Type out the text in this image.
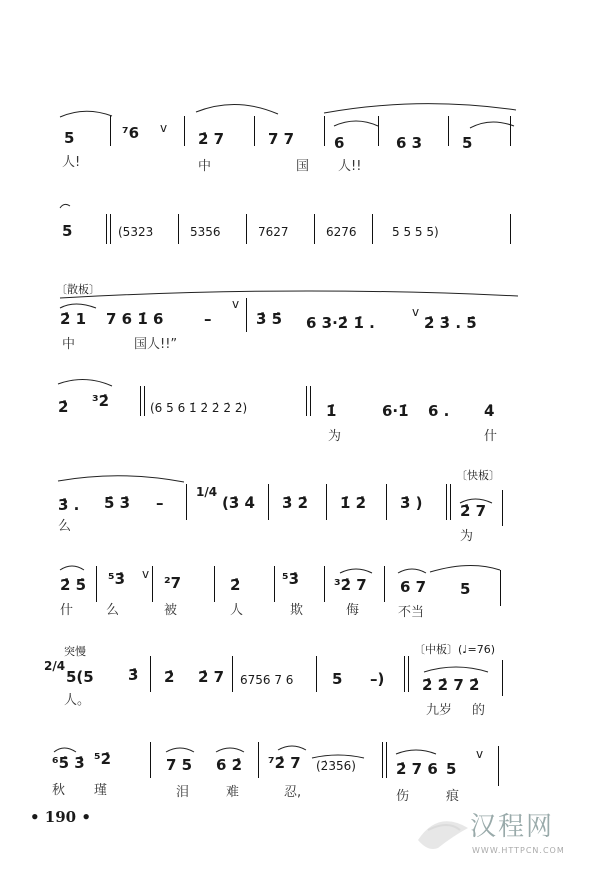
5	⁷6 v
2̇ 7	7 7	6	6 3	5
人!	中	国 人!!
5	(5323	5356	7627	6276	5 5 5 5)
〔散板〕
2̇ 1 7 6 1̇ 6	–
v
3̇ 5̇ 6 3·2̇ 1̇ .
v
2̇ 3̇ . 5̇
中	国人!!”
2̇ ³2̇	(6 5 6 1̇ 2̇ 2̇ 2̇ 2̇)	1̇	6·1̇ 6 . 4̇
为	什
3̇ . 5̇ 3̇ –
1/4
(3̇ 4̇ 3̇ 2̇ 1̇ 2̇ 3̇ )
〔快板〕
2̇ 7
么
为
2̇ 5̇ ⁵3̇ v ²7	2̇	⁵3̇ ³2̇ 7 6 7 5
什	么	被	人	欺	侮	不当
突慢
2/4
〔中板〕(♩=76)
5(5 3̇ 2̇ 2̇ 7 6756 7 6	5 –)	2̇ 2̇ 7 2̇
人。
九岁 的
⁶5̇ 3̇ ⁵2̇	7 5 6 2̇ ⁷2̇ 7 (2̇356)	2̇ 7 6 5
v
秋 瑾	泪	难	忍,	伤	痕
• 190 •	汉程网
WWW.HTTPCN.COM
